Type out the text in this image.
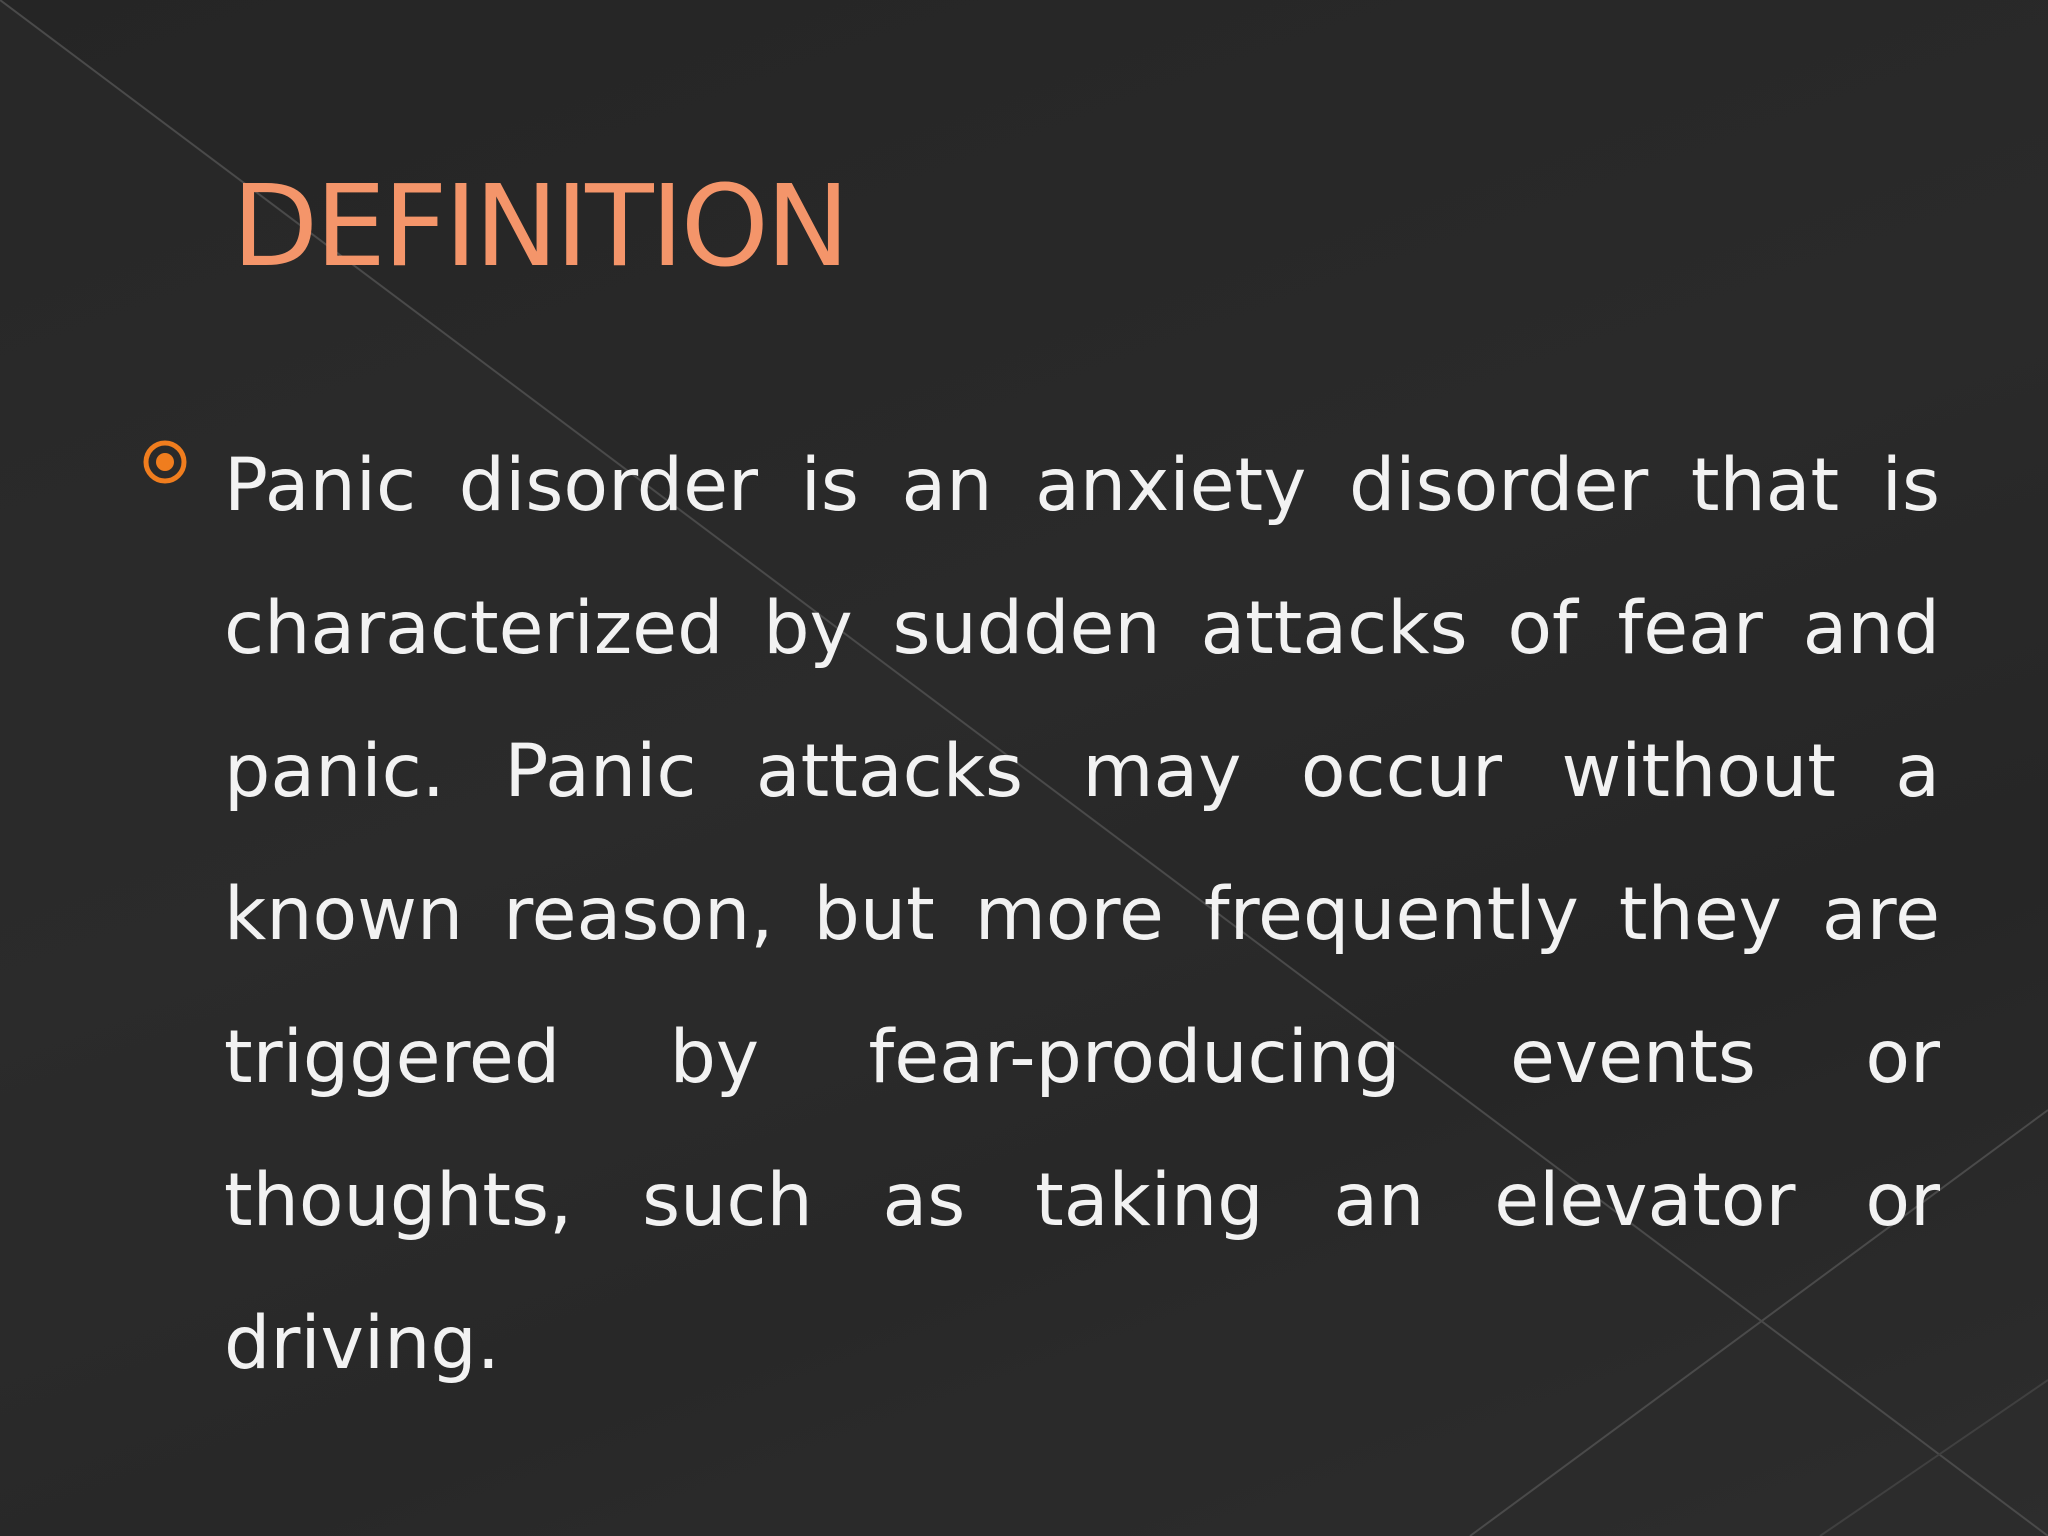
DEFINITION

Panic disorder is an anxiety disorder that is characterized by sudden attacks of fear and panic. Panic attacks may occur without a known reason, but more frequently they are triggered by fear-producing events or thoughts, such as taking an elevator or driving.
